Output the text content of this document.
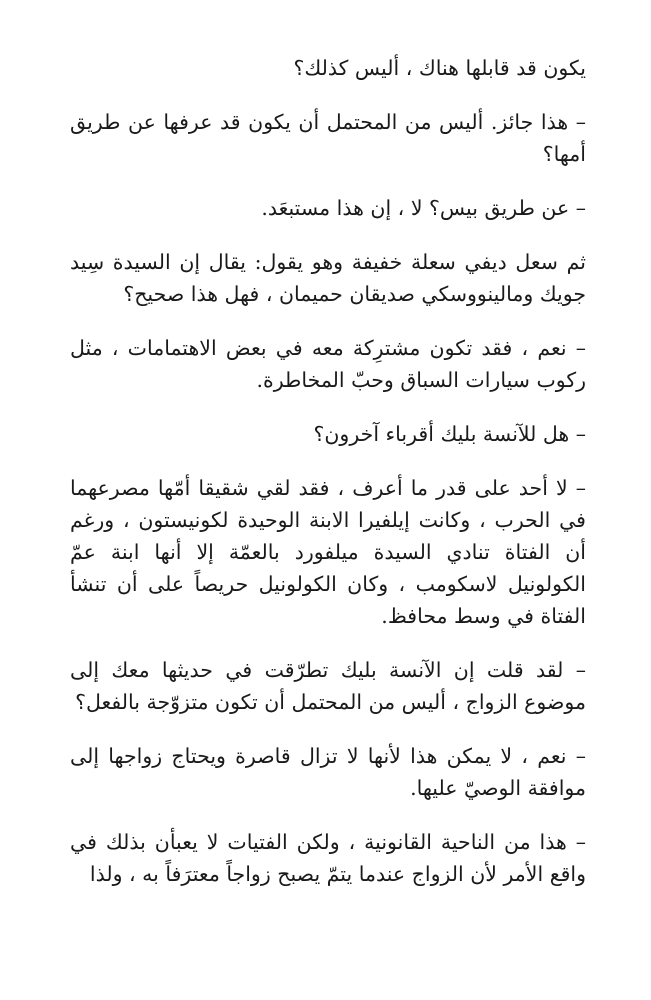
يكون قد قابلها هناك ، أليس كذلك؟

– هذا جائز. أليس من المحتمل أن يكون قد عرفها عن طريق أمها؟

– عن طريق بيس؟ لا ، إن هذا مستبعَد.

ثم سعل ديفي سعلة خفيفة وهو يقول: يقال إن السيدة سِيد جويك ومالينووسكي صديقان حميمان ، فهل هذا صحيح؟

– نعم ، فقد تكون مشترِكة معه في بعض الاهتمامات ، مثل ركوب سيارات السباق وحبّ المخاطرة.

– هل للآنسة بليك أقرباء آخرون؟

– لا أحد على قدر ما أعرف ، فقد لقي شقيقا أمّها مصرعهما في الحرب ، وكانت إيلفيرا الابنة الوحيدة لكونيستون ، ورغم أن الفتاة تنادي السيدة ميلفورد بالعمّة إلا أنها ابنة عمّ الكولونيل لاسكومب ، وكان الكولونيل حريصاً على أن تنشأ الفتاة في وسط محافظ.

– لقد قلت إن الآنسة بليك تطرّقت في حديثها معك إلى موضوع الزواج ، أليس من المحتمل أن تكون متزوّجة بالفعل؟

– نعم ، لا يمكن هذا لأنها لا تزال قاصرة ويحتاج زواجها إلى موافقة الوصيّ عليها.

– هذا من الناحية القانونية ، ولكن الفتيات لا يعبأن بذلك في واقع الأمر لأن الزواج عندما يتمّ يصبح زواجاً معترَفاً به ، ولذا
